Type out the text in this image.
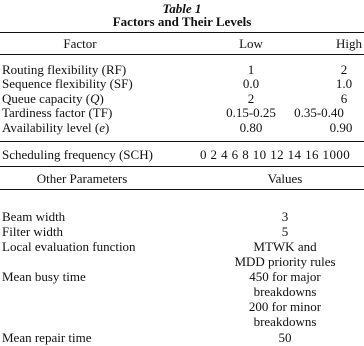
Table 1
Factors and Their Levels
Factor	Low	High
Routing flexibility (RF)	1	2
Sequence flexibility (SF)	0.0	1.0
Queue capacity (Q)	2	6
Tardiness factor (TF)	0.15-0.25 0.35-0.40
Availability level (e)	0.80	0.90
Scheduling frequency (SCH)	0 2 4 6 8 10 12 14 16 1000
Other Parameters	Values
Beam width	3
Filter width	5
Local evaluation function	MTWK and
MDD priority rules
Mean busy time	450 for major
breakdowns
200 for minor
breakdowns
Mean repair time	50
